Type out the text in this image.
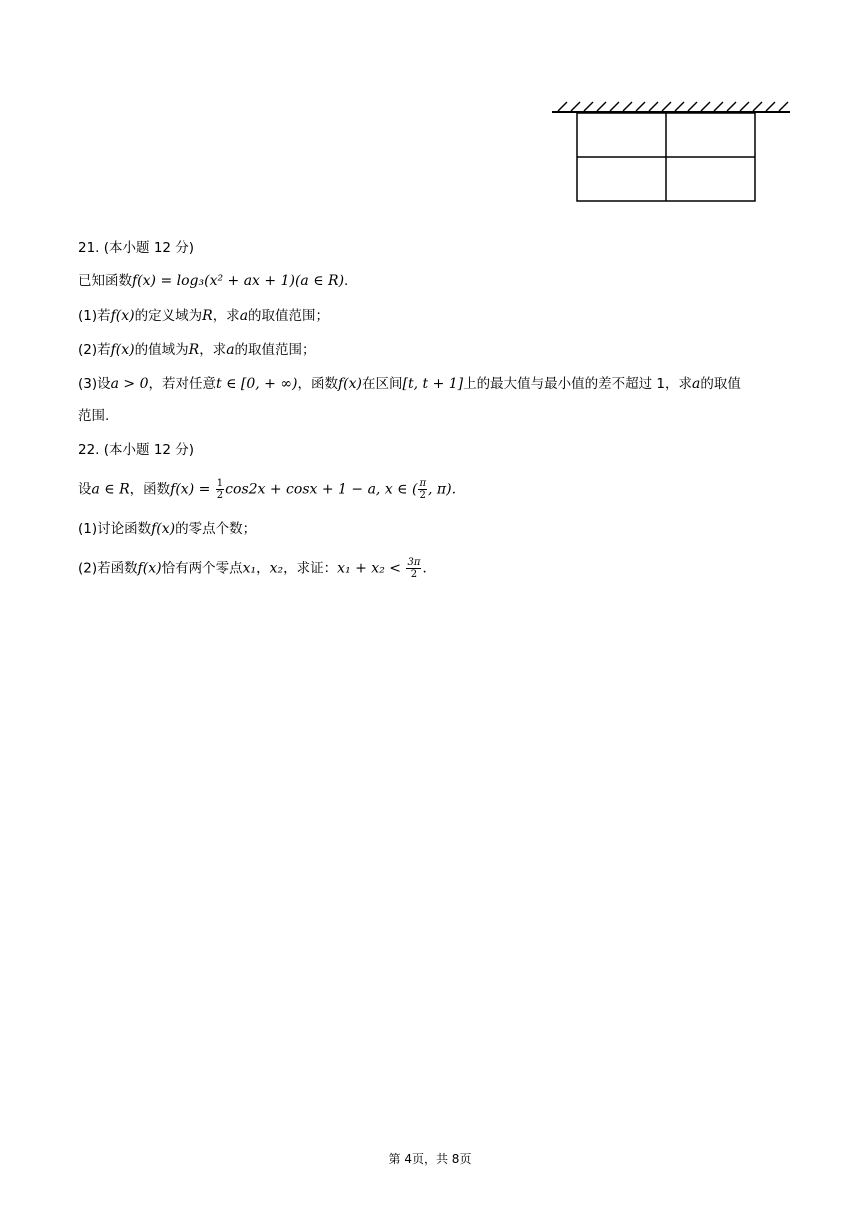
21. (本小题 12 分)
已知函数f(x) = log₃(x² + ax + 1)(a ∈ R).
(1)若f(x)的定义域为R，求a的取值范围；
(2)若f(x)的值域为R，求a的取值范围；
(3)设a > 0，若对任意t ∈ [0, + ∞)，函数f(x)在区间[t, t + 1]上的最大值与最小值的差不超过 1，求a的取值
范围.
22. (本小题 12 分)
设a ∈ R，函数$f(x) = \frac{1}{2} \cos 2x + \cos x + 1 - a$, x ∈ ( $\frac{\pi}{2}$ , π).
(1)讨论函数f(x)的零点个数；
(2)若函数f(x)恰有两个零点x₁，x₂，求证：$x_1 + x_2 < \frac{3\pi}{2}$ .
第 4页，共 8页
